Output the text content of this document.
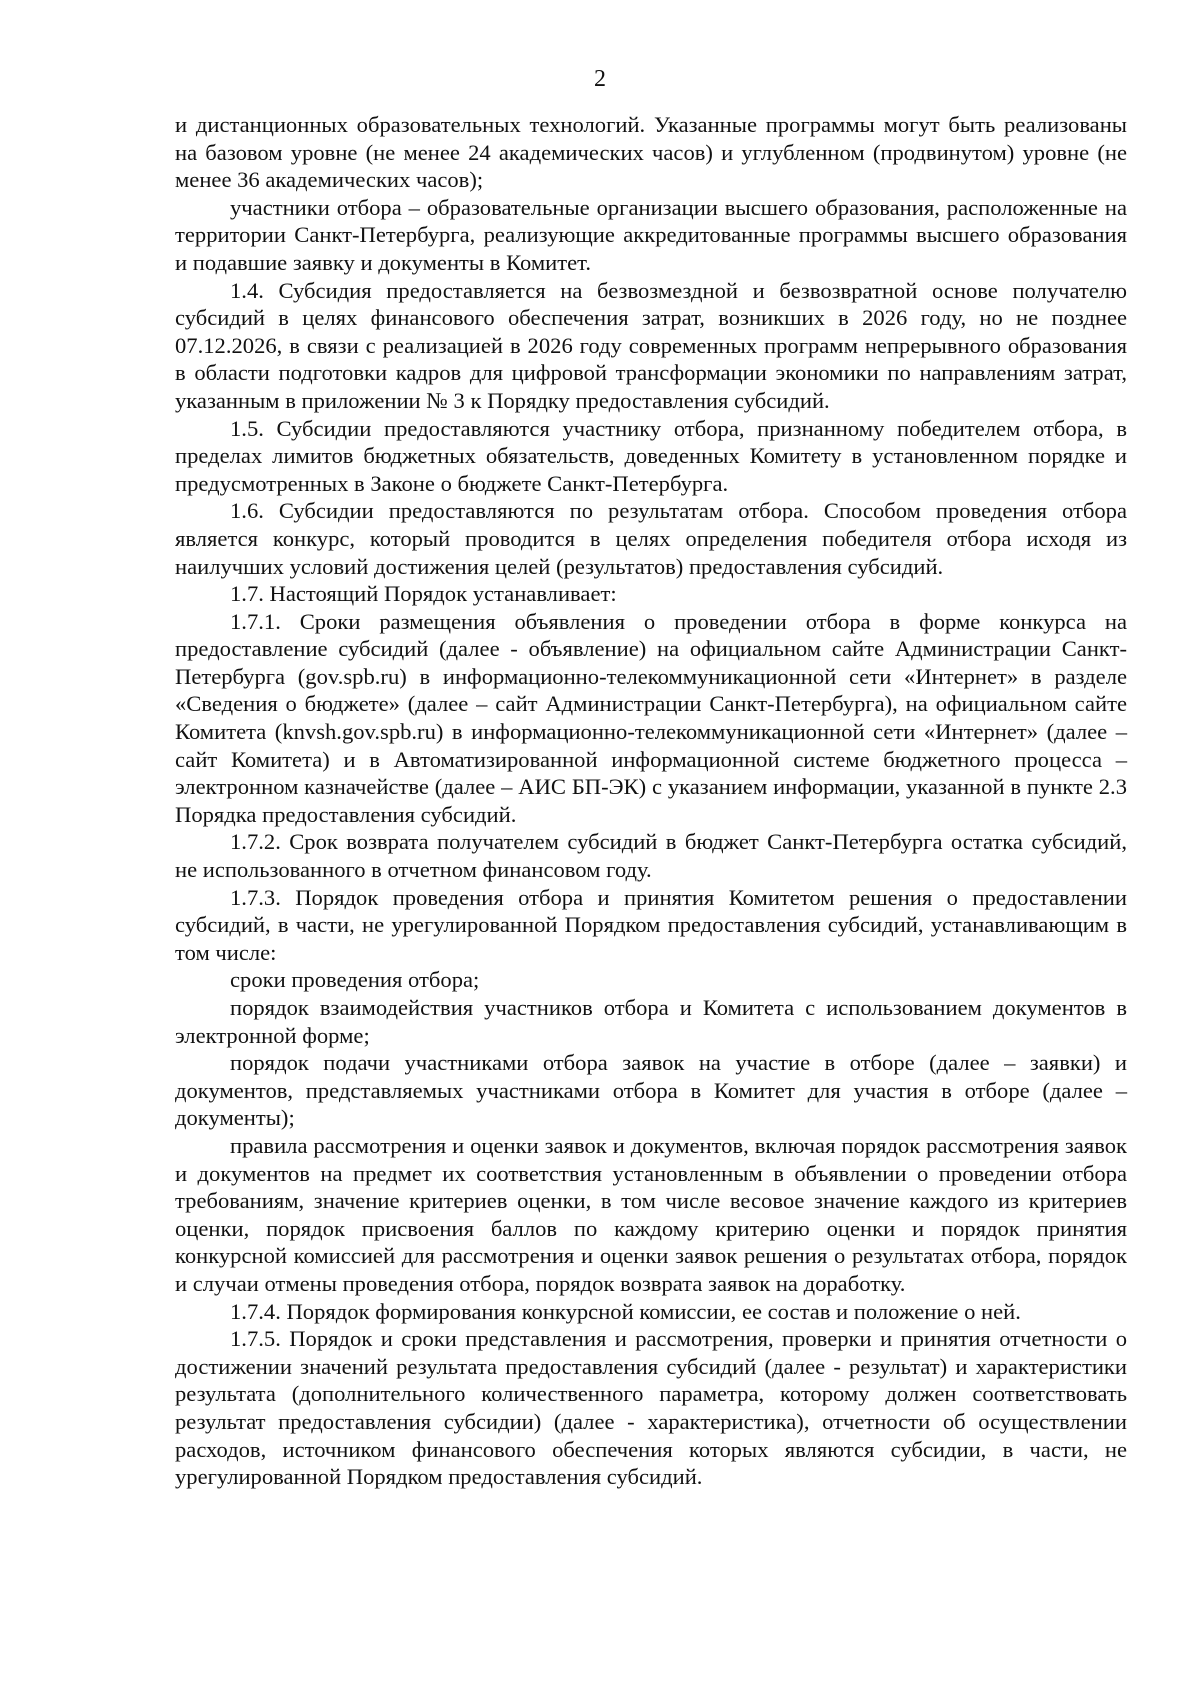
2

и дистанционных образовательных технологий. Указанные программы могут быть реализованы на базовом уровне (не менее 24 академических часов) и углубленном (продвинутом) уровне (не менее 36 академических часов);

участники отбора – образовательные организации высшего образования, расположенные на территории Санкт-Петербурга, реализующие аккредитованные программы высшего образования и подавшие заявку и документы в Комитет.

1.4. Субсидия предоставляется на безвозмездной и безвозвратной основе получателю субсидий в целях финансового обеспечения затрат, возникших в 2026 году, но не позднее 07.12.2026, в связи с реализацией в 2026 году современных программ непрерывного образования в области подготовки кадров для цифровой трансформации экономики по направлениям затрат, указанным в приложении № 3 к Порядку предоставления субсидий.

1.5. Субсидии предоставляются участнику отбора, признанному победителем отбора, в пределах лимитов бюджетных обязательств, доведенных Комитету в установленном порядке и предусмотренных в Законе о бюджете Санкт-Петербурга.

1.6. Субсидии предоставляются по результатам отбора. Способом проведения отбора является конкурс, который проводится в целях определения победителя отбора исходя из наилучших условий достижения целей (результатов) предоставления субсидий.

1.7. Настоящий Порядок устанавливает:

1.7.1. Сроки размещения объявления о проведении отбора в форме конкурса на предоставление субсидий (далее - объявление) на официальном сайте Администрации Санкт-Петербурга (gov.spb.ru) в информационно-телекоммуникационной сети «Интернет» в разделе «Сведения о бюджете» (далее – сайт Администрации Санкт-Петербурга), на официальном сайте Комитета (knvsh.gov.spb.ru) в информационно-телекоммуникационной сети «Интернет» (далее – сайт Комитета) и в Автоматизированной информационной системе бюджетного процесса – электронном казначействе (далее – АИС БП-ЭК) с указанием информации, указанной в пункте 2.3 Порядка предоставления субсидий.

1.7.2. Срок возврата получателем субсидий в бюджет Санкт-Петербурга остатка субсидий, не использованного в отчетном финансовом году.

1.7.3. Порядок проведения отбора и принятия Комитетом решения о предоставлении субсидий, в части, не урегулированной Порядком предоставления субсидий, устанавливающим в том числе:

сроки проведения отбора;

порядок взаимодействия участников отбора и Комитета с использованием документов в электронной форме;

порядок подачи участниками отбора заявок на участие в отборе (далее – заявки) и документов, представляемых участниками отбора в Комитет для участия в отборе (далее – документы);

правила рассмотрения и оценки заявок и документов, включая порядок рассмотрения заявок и документов на предмет их соответствия установленным в объявлении о проведении отбора требованиям, значение критериев оценки, в том числе весовое значение каждого из критериев оценки, порядок присвоения баллов по каждому критерию оценки и порядок принятия конкурсной комиссией для рассмотрения и оценки заявок решения о результатах отбора, порядок и случаи отмены проведения отбора, порядок возврата заявок на доработку.

1.7.4. Порядок формирования конкурсной комиссии, ее состав и положение о ней.

1.7.5. Порядок и сроки представления и рассмотрения, проверки и принятия отчетности о достижении значений результата предоставления субсидий (далее - результат) и характеристики результата (дополнительного количественного параметра, которому должен соответствовать результат предоставления субсидии) (далее - характеристика), отчетности об осуществлении расходов, источником финансового обеспечения которых являются субсидии, в части, не урегулированной Порядком предоставления субсидий.
